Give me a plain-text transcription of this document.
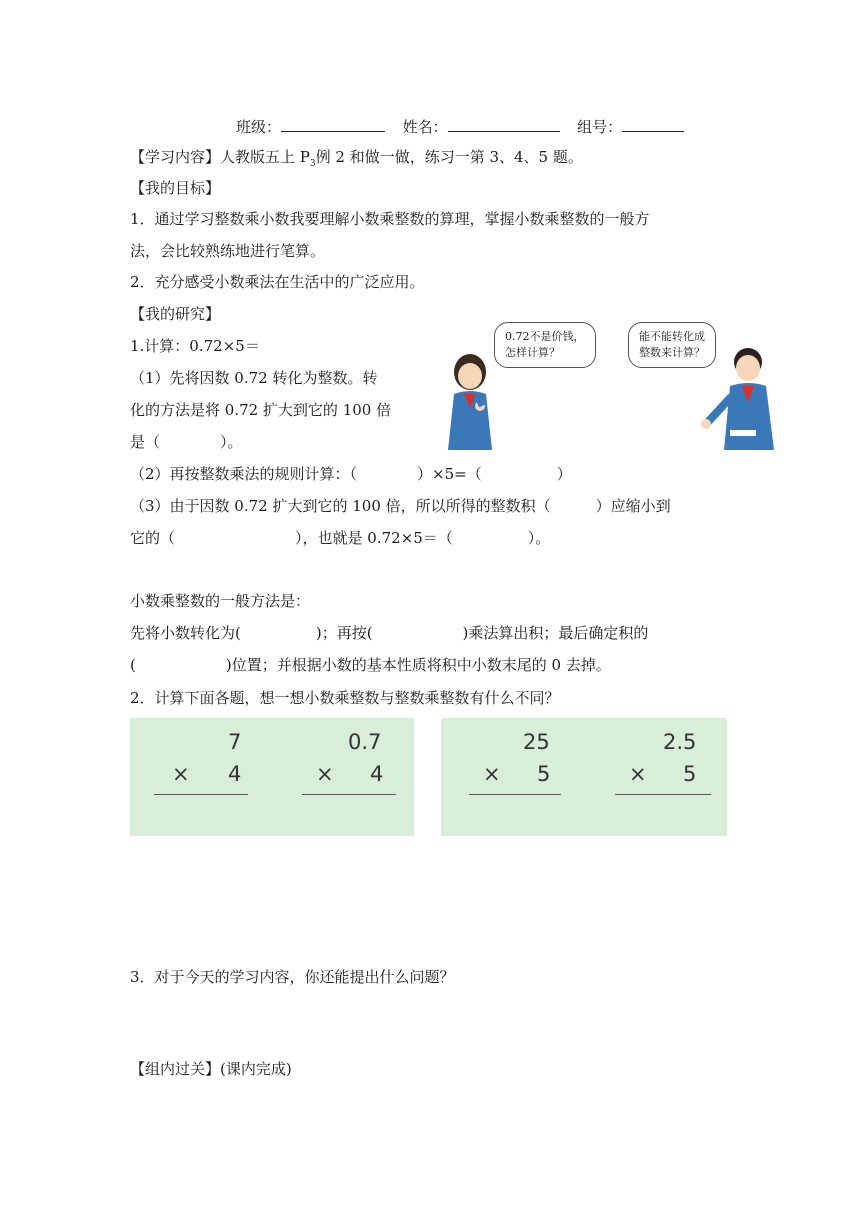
班级：	姓名：	组号：
【学习内容】人教版五上 $P_3$例 2 和做一做，练习一第 3、4、5 题。
【我的目标】
1．通过学习整数乘小数我要理解小数乘整数的算理，掌握小数乘整数的一般方
法，会比较熟练地进行笔算。
2．充分感受小数乘法在生活中的广泛应用。
【我的研究】
1.计算：0.72×5＝
（1）先将因数 0.72 转化为整数。转
化的方法是将 0.72 扩大到它的 100 倍
是（　　　　）。
（2）再按整数乘法的规则计算：（　　　　）×5=（　　　　　）
（3）由于因数 0.72 扩大到它的 100 倍，所以所得的整数积（　　　）应缩小到
它的（　　　　　　　　），也就是 0.72×5＝（　　　　　）。
0.72不是价钱，
怎样计算？
能不能转化成
整数来计算？
小数乘整数的一般方法是：
先将小数转化为(　　　　　)；再按(　　　　　　)乘法算出积；最后确定积的
(　　　　　　)位置；并根据小数的基本性质将积中小数末尾的 0 去掉。
2．计算下面各题，想一想小数乘整数与整数乘整数有什么不同？
7
× 4
0.7
× 4
25
× 5
2.5
× 5
3．对于今天的学习内容，你还能提出什么问题？
【组内过关】(课内完成)
